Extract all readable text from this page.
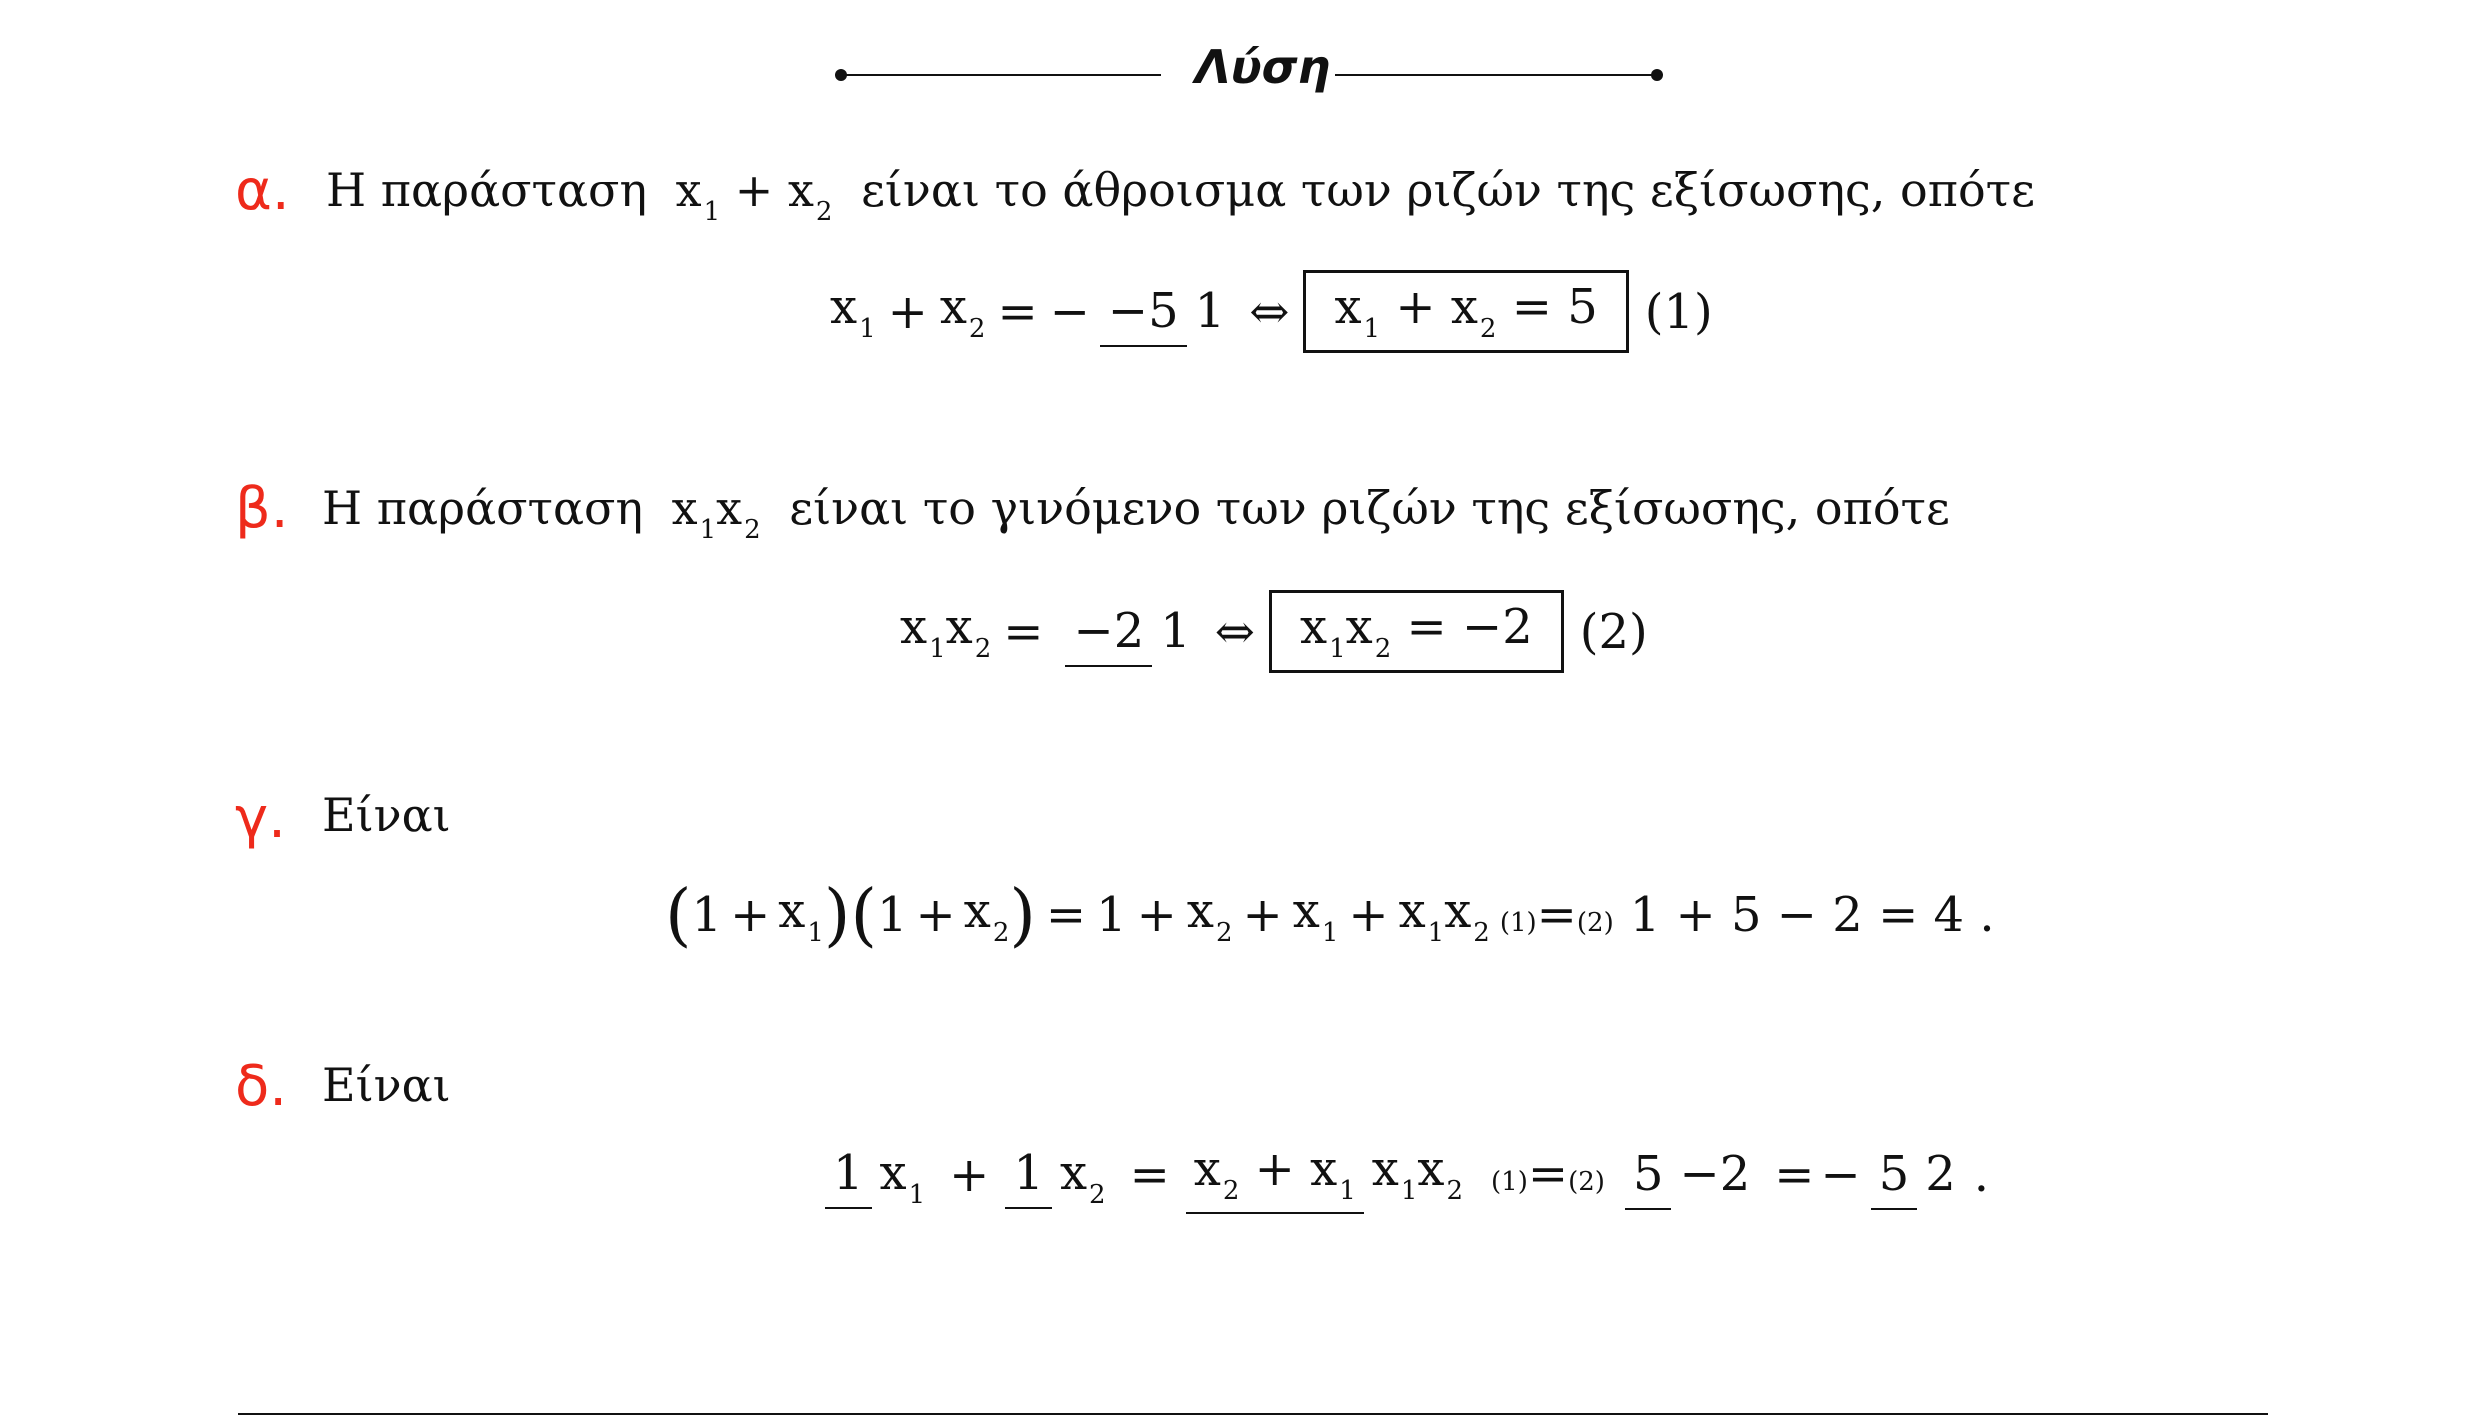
Λύση
α. Η παράσταση $x_1 + x_2$ είναι το άθροισμα των ριζών της εξίσωσης, οπότε
$x_1 + x_2$ = − −5 1 ⇔ $x_1 + x_2 = 5$ (1)
β. Η παράσταση $x_1x_2$ είναι το γινόμενο των ριζών της εξίσωσης, οπότε
$x_1x_2 = -2$ 1 ⇔ $x_1x_2 = -2$ (2)
γ. Είναι
( $1 + x_1$ ) ( $1 + x_2$ ) = $1 + x_2 + x_1 + x_1x_2$ (1)=(2) 1 + 5 − 2 = 4 .
δ. Είναι
1 $x_1 + 1$ $x_2 = x_2 + x_1$ $x_1x_2$	(1)=(2) 5 −2 = − 5 2 .
